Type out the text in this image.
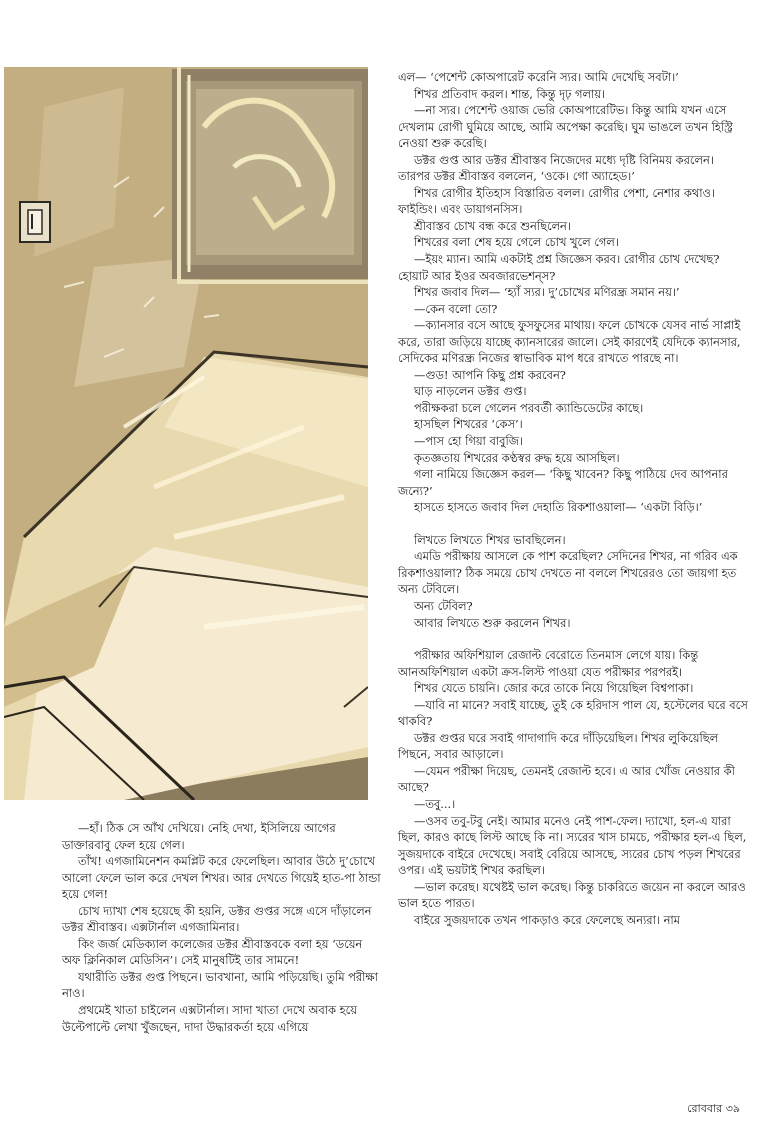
এল— ‘পেশেন্ট কোঅপারেট করেনি স্যর। আমি দেখেছি সবটা।’

শিখর প্রতিবাদ করল। শান্ত, কিন্তু দৃঢ় গলায়।

—না স্যর। পেশেন্ট ওয়াজ ভেরি কোঅপারেটিভ। কিন্তু আমি যখন এসে দেখলাম রোগী ঘুমিয়ে আছে, আমি অপেক্ষা করেছি। ঘুম ভাঙলে তখন হিস্ট্রি নেওয়া শুরু করেছি।

ডক্টর গুপ্ত আর ডক্টর শ্রীবাস্তব নিজেদের মধ্যে দৃষ্টি বিনিময় করলেন। তারপর ডক্টর শ্রীবাস্তব বললেন, ‘ওকে। গো অ্যাহেড।’

শিখর রোগীর ইতিহাস বিস্তারিত বলল। রোগীর পেশা, নেশার কথাও। ফাইন্ডিং। এবং ডায়াগনসিস।

শ্রীবাস্তব চোখ বন্ধ করে শুনছিলেন।

শিখরের বলা শেষ হয়ে গেলে চোখ খুলে গেল।

—ইয়ং ম্যান। আমি একটাই প্রশ্ন জিজ্ঞেস করব। রোগীর চোখ দেখেছ? হোয়াট আর ইওর অবজারভেশন্‌স?

শিখর জবাব দিল— ‘হ্যাঁ স্যর। দু’চোখের মণিরন্ধ্র সমান নয়।’

—কেন বলো তো?

—ক্যানসার বসে আছে ফুসফুসের মাথায়। ফলে চোখকে যেসব নার্ভ সাপ্লাই করে, তারা জড়িয়ে যাচ্ছে ক্যানসারের জালে। সেই কারণেই যেদিকে ক্যানসার, সেদিকের মণিরন্ধ্র নিজের স্বাভাবিক মাপ ধরে রাখতে পারছে না।

—গুড! আপনি কিছু প্রশ্ন করবেন?

ঘাড় নাড়লেন ডক্টর গুপ্ত।

পরীক্ষকরা চলে গেলেন পরবর্তী ক্যান্ডিডেটের কাছে।

হাসছিল শিখরের ‘কেস’।

—পাস হো গিয়া বাবুজি।

কৃতজ্ঞতায় শিখরের কণ্ঠস্বর রুদ্ধ হয়ে আসছিল।

গলা নামিয়ে জিজ্ঞেস করল— ‘কিছু খাবেন? কিছু পাঠিয়ে দেব আপনার জন্যে?’

হাসতে হাসতে জবাব দিল দেহাতি রিকশাওয়ালা— ‘একটা বিড়ি।’

লিখতে লিখতে শিখর ভাবছিলেন।

এমডি পরীক্ষায় আসলে কে পাশ করেছিল? সেদিনের শিখর, না গরিব এক রিকশাওয়ালা? ঠিক সময়ে চোখ দেখতে না বললে শিখরেরও তো জায়গা হত অন্য টেবিলে।

অন্য টেবিল?

আবার লিখতে শুরু করলেন শিখর।

পরীক্ষার অফিশিয়াল রেজাল্ট বেরোতে তিনমাস লেগে যায়। কিন্তু আনঅফিশিয়াল একটা ক্রস-লিস্ট পাওয়া যেত পরীক্ষার পরপরই।

শিখর যেতে চায়নি। জোর করে তাকে নিয়ে গিয়েছিল বিশ্বপাকা।

—যাবি না মানে? সবাই যাচ্ছে, তুই কে হরিদাস পাল যে, হস্টেলের ঘরে বসে থাকবি?

ডক্টর গুপ্তর ঘরে সবাই গাদাগাদি করে দাঁড়িয়েছিল। শিখর লুকিয়েছিল পিছনে, সবার আড়ালে।

—যেমন পরীক্ষা দিয়েছ, তেমনই রেজাল্ট হবে। এ আর খোঁজ নেওয়ার কী আছে?

—তবু...।

—ওসব তবু-টবু নেই। আমার মনেও নেই পাশ-ফেল। দ্যাখো, হল-এ যারা ছিল, কারও কাছে লিস্ট আছে কি না। স্যরের খাস চামচে, পরীক্ষার হল-এ ছিল, সুজয়দাকে বাইরে দেখেছে। সবাই বেরিয়ে আসছে, স্যরের চোখ পড়ল শিখরের ওপর। এই ভয়টাই শিখর করছিল।

—ভাল করেছ। যথেষ্টই ভাল করেছ। কিন্তু চাকরিতে জয়েন না করলে আরও ভাল হতে পারত।

বাইরে সুজয়দাকে তখন পাকড়াও করে ফেলেছে অন্যরা। নাম

—হাঁ। ঠিক সে আঁখ দেখিয়ে। নেহি দেখা, ইসিলিয়ে আগের ডাক্তারবাবু ফেল হয়ে গেল।

তাঁখ! এগজামিনেশন কমপ্লিট করে ফেলেছিল। আবার উঠে দু’চোখে আলো ফেলে ভাল করে দেখল শিখর। আর দেখতে গিয়েই হাত-পা ঠান্ডা হয়ে গেল!

চোখ দ্যাখা শেষ হয়েছে কী হয়নি, ডক্টর গুপ্তর সঙ্গে এসে দাঁড়ালেন ডক্টর শ্রীবাস্তব। এক্সটার্নাল এগজামিনার।

কিং জর্জ মেডিক্যাল কলেজের ডক্টর শ্রীবাস্তবকে বলা হয় ‘ডয়েন অফ ক্লিনিকাল মেডিসিন’। সেই মানুষটিই তার সামনে!

যথারীতি ডক্টর গুপ্ত পিছনে। ভাবখানা, আমি পড়িয়েছি। তুমি পরীক্ষা নাও।

প্রথমেই খাতা চাইলেন এক্সটার্নাল। সাদা খাতা দেখে অবাক হয়ে উল্টেপাল্টে লেখা খুঁজছেন, দাদা উদ্ধারকর্তা হয়ে এগিয়ে

রোববার ৩৯
